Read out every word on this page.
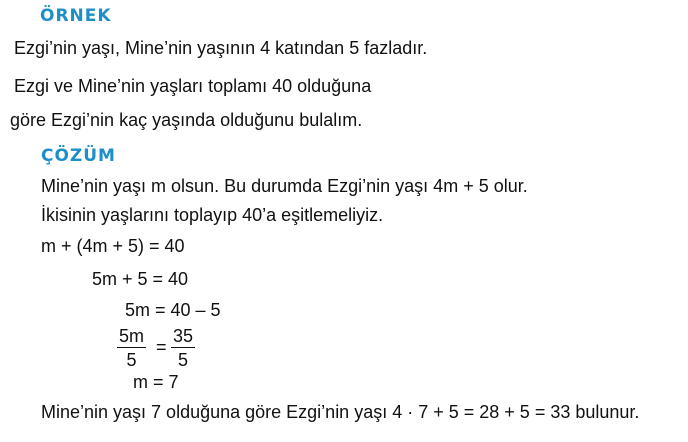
ÖRNEK
Ezgi’nin yaşı, Mine’nin yaşının 4 katından 5 fazladır.
Ezgi ve Mine’nin yaşları toplamı 40 olduğuna
göre Ezgi’nin kaç yaşında olduğunu bulalım.
ÇÖZÜM
Mine’nin yaşı m olsun. Bu durumda Ezgi’nin yaşı 4m + 5 olur.
İkisinin yaşlarını toplayıp 40’a eşitlemeliyiz.
m + (4m + 5) = 40
5m + 5 = 40
5m = 40 – 5
$\frac{5m}{5} = \frac{35}{5}$
m = 7
Mine’nin yaşı 7 olduğuna göre Ezgi’nin yaşı 4 · 7 + 5 = 28 + 5 = 33 bulunur.
